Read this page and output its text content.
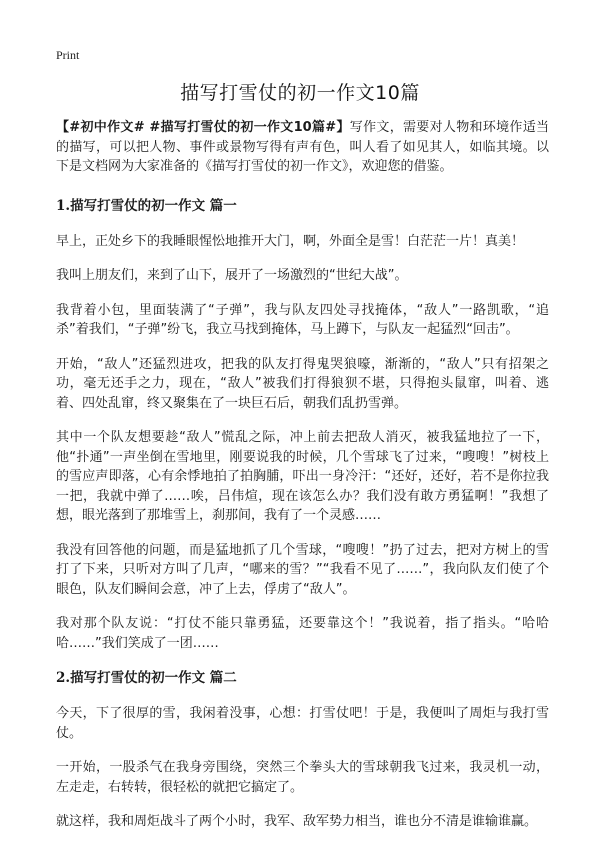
Print
描写打雪仗的初一作文10篇

【#初中作文# #描写打雪仗的初一作文10篇#】写作文，需要对人物和环境作适当的描写，可以把人物、事件或景物写得有声有色，叫人看了如见其人，如临其境。以下是文档网为大家准备的《描写打雪仗的初一作文》，欢迎您的借鉴。

1.描写打雪仗的初一作文 篇一

早上，正处乡下的我睡眼惺忪地推开大门，啊，外面全是雪！白茫茫一片！真美！

我叫上朋友们，来到了山下，展开了一场激烈的“世纪大战”。

我背着小包，里面装满了“子弹”，我与队友四处寻找掩体，“敌人”一路凯歌，“追杀”着我们，“子弹”纷飞，我立马找到掩体，马上蹲下，与队友一起猛烈“回击”。

开始，“敌人”还猛烈进攻，把我的队友打得鬼哭狼嚎，渐渐的，“敌人”只有招架之功，毫无还手之力，现在，“敌人”被我们打得狼狈不堪，只得抱头鼠窜，叫着、逃着、四处乱窜，终又聚集在了一块巨石后，朝我们乱扔雪弹。

其中一个队友想要趁“敌人”慌乱之际，冲上前去把敌人消灭，被我猛地拉了一下，他“扑通”一声坐倒在雪地里，刚要说我的时候，几个雪球飞了过来，“嗖嗖！”树枝上的雪应声即落，心有余悸地拍了拍胸脯，吓出一身冷汗：“还好，还好，若不是你拉我一把，我就中弹了……唉，吕伟煊，现在该怎么办？我们没有敢方勇猛啊！”我想了想，眼光落到了那堆雪上，刹那间，我有了一个灵感……

我没有回答他的问题，而是猛地抓了几个雪球，“嗖嗖！”扔了过去，把对方树上的雪打了下来，只听对方叫了几声，“哪来的雪？”“我看不见了……”，我向队友们使了个眼色，队友们瞬间会意，冲了上去，俘虏了“敌人”。

我对那个队友说：“打仗不能只靠勇猛，还要靠这个！”我说着，指了指头。“哈哈哈……”我们笑成了一团……

2.描写打雪仗的初一作文 篇二

今天，下了很厚的雪，我闲着没事，心想：打雪仗吧！于是，我便叫了周炬与我打雪仗。

一开始，一股杀气在我身旁围绕，突然三个拳头大的雪球朝我飞过来，我灵机一动，左走走，右转转，很轻松的就把它搞定了。

就这样，我和周炬战斗了两个小时，我军、敌军势力相当，谁也分不清是谁输谁赢。
